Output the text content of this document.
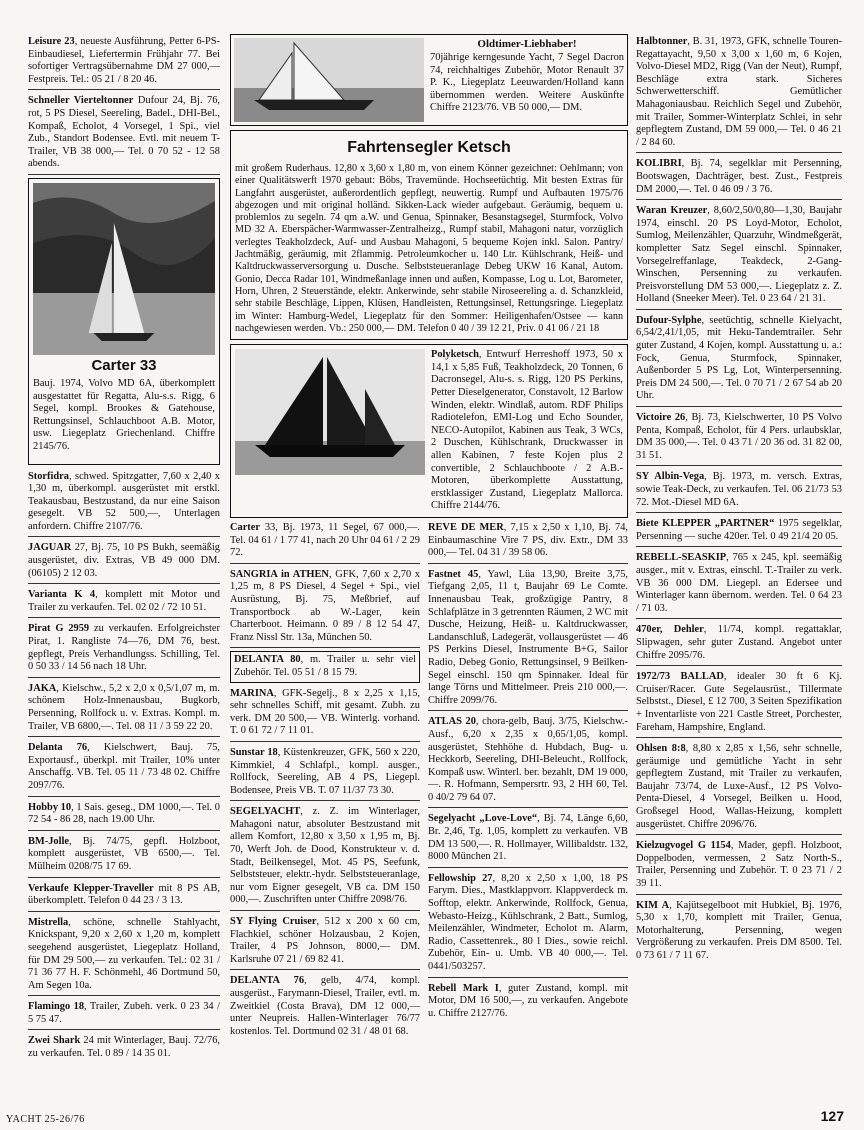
Leisure 23, neueste Ausführung, Petter 6-PS-Einbaudiesel, Liefertermin Frühjahr 77. Bei sofortiger Vertragsübernahme DM 27 000,— Festpreis. Tel.: 05 21 / 8 20 46.
Schneller Vierteltonner Dufour 24, Bj. 76, rot, 5 PS Diesel, Seereling, Badel., DHI-Bel., Kompaß, Echolot, 4 Vorsegel, 1 Spi., viel Zub., Standort Bodensee. Evtl. mit neuem T-Trailer, VB 38 000,— Tel. 0 70 52 - 12 58 abends.
Carter 33
Bauj. 1974, Volvo MD 6A, überkomplett ausgestattet für Regatta, Alu-s.s. Rigg, 6 Segel, kompl. Brookes & Gatehouse, Rettungsinsel, Schlauchboot A.B. Motor, usw. Liegeplatz Griechenland. Chiffre 2145/76.
Storfidra, schwed. Spitzgatter, 7,60 x 2,40 x 1,30 m, überkompl. ausgerüstet mit erstkl. Teakausbau, Bestzustand, da nur eine Saison gesegelt. VB 52 500,—, Unterlagen anfordern. Chiffre 2107/76.
JAGUAR 27, Bj. 75, 10 PS Bukh, seemäßig ausgerüstet, div. Extras, VB 49 000 DM. (06105) 2 12 03.
Varianta K 4, komplett mit Motor und Trailer zu verkaufen. Tel. 02 02 / 72 10 51.
Pirat G 2959 zu verkaufen. Erfolgreichster Pirat, 1. Rangliste 74—76, DM 76, best. gepflegt, Preis Verhandlungss. Schilling, Tel. 0 50 33 / 14 56 nach 18 Uhr.
JAKA, Kielschw., 5,2 x 2,0 x 0,5/1,07 m, m. schönem Holz-Innenausbau, Bugkorb, Persenning, Rollfock u. v. Extras. Kompl. m. Trailer, VB 6800,—. Tel. 08 11 / 3 59 22 20.
Delanta 76, Kielschwert, Bauj. 75, Exportausf., überkpl. mit Trailer, 10% unter Anschaffg. VB. Tel. 05 11 / 73 48 02. Chiffre 2097/76.
Hobby 10, 1 Sais. geseg., DM 1000,—. Tel. 0 72 54 - 86 28, nach 19.00 Uhr.
BM-Jolle, Bj. 74/75, gepfl. Holzboot, komplett ausgerüstet, VB 6500,—. Tel. Mülheim 0208/75 17 69.
Verkaufe Klepper-Traveller mit 8 PS AB, überkomplett. Telefon 0 44 23 / 3 13.
Mistrella, schöne, schnelle Stahlyacht, Knickspant, 9,20 x 2,60 x 1,20 m, komplett seegehend ausgerüstet, Liegeplatz Holland, für DM 29 500,— zu verkaufen. Tel.: 02 31 / 71 36 77 H. F. Schönmehl, 46 Dortmund 50, Am Segen 10a.
Flamingo 18, Trailer, Zubeh. verk. 0 23 34 / 5 75 47.
Zwei Shark 24 mit Winterlager, Bauj. 72/76, zu verkaufen. Tel. 0 89 / 14 35 01.
Oldtimer-Liebhaber!
70jährige kerngesunde Yacht, 7 Segel Dacron 74, reichhaltiges Zubehör, Motor Renault 37 P. K., Liegeplatz Leeuwarden/Holland kann übernommen werden. Weitere Auskünfte Chiffre 2123/76. VB 50 000,— DM.
Fahrtensegler Ketsch
mit großem Ruderhaus. 12,80 x 3,60 x 1,80 m, von einem Könner gezeichnet: Oehlmann; von einer Qualitätswerft 1970 gebaut: Böbs, Travemünde. Hochseetüchtig. Mit besten Extras für Langfahrt ausgerüstet, außerordentlich gepflegt, neuwertig. Rumpf und Aufbauten 1975/76 abgezogen und mit original holländ. Sikken-Lack wieder aufgebaut. Geräumig, bequem u. problemlos zu segeln. 74 qm a.W. und Genua, Spinnaker, Besanstagsegel, Sturmfock, Volvo MD 32 A. Eberspächer-Warmwasser-Zentralheizg., Rumpf stabil, Mahagoni natur, vorzüglich verlegtes Teakholzdeck, Auf- und Ausbau Mahagoni, 5 bequeme Kojen inkl. Salon. Pantry/ Jachtmäßig, geräumig, mit 2flammig. Petroleumkocher u. 140 Ltr. Kühlschrank, Heiß- und Kaltdruckwasserversorgung u. Dusche. Selbststeueranlage Debeg UKW 16 Kanal, Autom. Gonio, Decca Radar 101, Windmeßanlage innen und außen, Kompasse, Log u. Lot, Barometer, Horn, Uhren, 2 Steuerstände, elektr. Ankerwinde, sehr stabile Niroseereling a. d. Schanzkleid, sehr stabile Beschläge, Lippen, Klüsen, Handleisten, Rettungsinsel, Rettungsringe. Liegeplatz im Winter: Hamburg-Wedel, Liegeplatz für den Sommer: Heiligenhafen/Ostsee — kann nachgewiesen werden. Vb.: 250 000,— DM. Telefon 0 40 / 39 12 21, Priv. 0 41 06 / 21 18
Polyketsch, Entwurf Herreshoff 1973, 50 x 14,1 x 5,85 Fuß, Teakholzdeck, 20 Tonnen, 6 Dacronsegel, Alu-s. s. Rigg, 120 PS Perkins, Petter Dieselgenerator, Constavolt, 12 Barlow Winden, elektr. Windlaß, autom. RDF Philips Radiotelefon, EMI-Log und Echo Sounder, NECO-Autopilot, Kabinen aus Teak, 3 WCs, 2 Duschen, Kühlschrank, Druckwasser in allen Kabinen, 7 feste Kojen plus 2 convertible, 2 Schlauchboote / 2 A.B.-Motoren, überkomplette Ausstattung, erstklassiger Zustand, Liegeplatz Mallorca. Chiffre 2144/76.
Carter 33, Bj. 1973, 11 Segel, 67 000,—. Tel. 04 61 / 1 77 41, nach 20 Uhr 04 61 / 2 29 72.
SANGRIA in ATHEN, GFK, 7,60 x 2,70 x 1,25 m, 8 PS Diesel, 4 Segel + Spi., viel Ausrüstung, Bj. 75, Meßbrief, auf Transportbock ab W.-Lager, kein Charterboot. Heimann. 0 89 / 8 12 54 47, Franz Nissl Str. 13a, München 50.
DELANTA 80, m. Trailer u. sehr viel Zubehör. Tel. 05 51 / 8 15 79.
MARINA, GFK-Segelj., 8 x 2,25 x 1,15, sehr schnelles Schiff, mit gesamt. Zubh. zu verk. DM 20 500,— VB. Winterlg. vorhand. T. 0 61 72 / 7 11 01.
Sunstar 18, Küstenkreuzer, GFK, 560 x 220, Kimmkiel, 4 Schlafpl., kompl. ausger., Rollfock, Seereling, AB 4 PS, Liegepl. Bodensee, Preis VB. T. 07 11/37 73 30.
SEGELYACHT, z. Z. im Winterlager, Mahagoni natur, absoluter Bestzustand mit allem Komfort, 12,80 x 3,50 x 1,95 m, Bj. 70, Werft Joh. de Dood, Konstrukteur v. d. Stadt, Beilkensegel, Mot. 45 PS, Seefunk, Selbststeuer, elektr.-hydr. Selbststeueranlage, nur vom Eigner gesegelt, VB ca. DM 150 000,—. Zuschriften unter Chiffre 2098/76.
SY Flying Cruiser, 512 x 200 x 60 cm, Flachkiel, schöner Holzausbau, 2 Kojen, Trailer, 4 PS Johnson, 8000,— DM. Karlsruhe 07 21 / 69 82 41.
DELANTA 76, gelb, 4/74, kompl. ausgerüst., Farymann-Diesel, Trailer, evtl. m. Zweitkiel (Costa Brava), DM 12 000,— unter Neupreis. Hallen-Winterlager 76/77 kostenlos. Tel. Dortmund 02 31 / 48 01 68.
REVE DE MER, 7,15 x 2,50 x 1,10, Bj. 74, Einbaumaschine Vire 7 PS, div. Extr., DM 33 000,— Tel. 04 31 / 39 58 06.
Fastnet 45, Yawl, Lüa 13,90, Breite 3,75, Tiefgang 2,05, 11 t, Baujahr 69 Le Comte. Innenausbau Teak, großzügige Pantry, 8 Schlafplätze in 3 getrennten Räumen, 2 WC mit Dusche, Heizung, Heiß- u. Kaltdruckwasser, Landanschluß, Ladegerät, vollausgerüstet — 46 PS Perkins Diesel, Instrumente B+G, Sailor Radio, Debeg Gonio, Rettungsinsel, 9 Beilken-Segel einschl. 150 qm Spinnaker. Ideal für lange Törns und Mittelmeer. Preis 210 000,—. Chiffre 2099/76.
ATLAS 20, chora-gelb, Bauj. 3/75, Kielschw.-Ausf., 6,20 x 2,35 x 0,65/1,05, kompl. ausgerüstet, Stehhöhe d. Hubdach, Bug- u. Heckkorb, Seereling, DHI-Beleucht., Rollfock, Kompaß usw. Winterl. ber. bezahlt, DM 19 000,—. R. Hofmann, Sempersrtr. 93, 2 HH 60, Tel. 0 40/2 79 64 07.
Segelyacht „Love-Love“, Bj. 74, Länge 6,60, Br. 2,46, Tg. 1,05, komplett zu verkaufen. VB DM 13 500,—. R. Hollmayer, Willibaldstr. 132, 8000 München 21.
Fellowship 27, 8,20 x 2,50 x 1,00, 18 PS Farym. Dies., Mastklappvorr. Klappverdeck m. Sofftop, elektr. Ankerwinde, Rollfock, Genua, Webasto-Heizg., Kühlschrank, 2 Batt., Sumlog, Meilenzähler, Windmeter, Echolot m. Alarm, Radio, Cassettenrek., 80 l Dies., sowie reichl. Zubehör, Ein- u. Umb. VB 40 000,—. Tel. 0441/503257.
Rebell Mark I, guter Zustand, kompl. mit Motor, DM 16 500,—, zu verkaufen. Angebote u. Chiffre 2127/76.
Halbtonner, B. 31, 1973, GFK, schnelle Touren-Regattayacht, 9,50 x 3,00 x 1,60 m, 6 Kojen, Volvo-Diesel MD2, Rigg (Van der Neut), Rumpf, Beschläge extra stark. Sicheres Schwerwetterschiff. Gemütlicher Mahagoniausbau. Reichlich Segel und Zubehör, mit Trailer, Sommer-Winterplatz Schlei, in sehr gepflegtem Zustand, DM 59 000,— Tel. 0 46 21 / 2 84 60.
KOLIBRI, Bj. 74, segelklar mit Persenning, Bootswagen, Dachträger, best. Zust., Festpreis DM 2000,—. Tel. 0 46 09 / 3 76.
Waran Kreuzer, 8,60/2,50/0,80—1,30, Baujahr 1974, einschl. 20 PS Loyd-Motor, Echolot, Sumlog, Meilenzähler, Quarzuhr, Windmeßgerät, kompletter Satz Segel einschl. Spinnaker, Vorsegelreffanlage, Teakdeck, 2-Gang-Winschen, Persenning zu verkaufen. Preisvorstellung DM 53 000,—. Liegeplatz z. Z. Holland (Sneeker Meer). Tel. 0 23 64 / 21 31.
Dufour-Sylphe, seetüchtig, schnelle Kielyacht, 6,54/2,41/1,05, mit Heku-Tandemtrailer. Sehr guter Zustand, 4 Kojen, kompl. Ausstattung u. a.: Fock, Genua, Sturmfock, Spinnaker, Außenborder 5 PS Lg, Lot, Winterpersenning. Preis DM 24 500,—. Tel. 0 70 71 / 2 67 54 ab 20 Uhr.
Victoire 26, Bj. 73, Kielschwerter, 10 PS Volvo Penta, Kompaß, Echolot, für 4 Pers. urlaubsklar, DM 35 000,—. Tel. 0 43 71 / 20 36 od. 31 82 00, 31 51.
SY Albin-Vega, Bj. 1973, m. versch. Extras, sowie Teak-Deck, zu verkaufen. Tel. 06 21/73 53 72. Mot.-Diesel MD 6A.
Biete KLEPPER „PARTNER“ 1975 segelklar, Persenning — suche 420er. Tel. 0 49 21/4 20 05.
REBELL-SEASKIP, 765 x 245, kpl. seemäßig ausger., mit v. Extras, einschl. T.-Trailer zu verk. VB 36 000 DM. Liegepl. an Edersee und Winterlager kann übernom. werden. Tel. 0 64 23 / 71 03.
470er, Dehler, 11/74, kompl. regattaklar, Slipwagen, sehr guter Zustand. Angebot unter Chiffre 2095/76.
1972/73 BALLAD, idealer 30 ft 6 Kj. Cruiser/Racer. Gute Segelausrüst., Tillermate Selbstst., Diesel, £ 12 700, 3 Seiten Spezifikation + Inventarliste von 221 Castle Street, Porchester, Fareham, Hampshire, England.
Ohlsen 8:8, 8,80 x 2,85 x 1,56, sehr schnelle, geräumige und gemütliche Yacht in sehr gepflegtem Zustand, mit Trailer zu verkaufen, Baujahr 73/74, de Luxe-Ausf., 12 PS Volvo-Penta-Diesel, 4 Vorsegel, Beilken u. Hood, Großsegel Hood, Wallas-Heizung, komplett ausgerüstet. Chiffre 2096/76.
Kielzugvogel G 1154, Mader, gepfl. Holzboot, Doppelboden, vermessen, 2 Satz North-S., Trailer, Persenning und Zubehör. T. 0 23 71 / 2 39 11.
KIM A, Kajütsegelboot mit Hubkiel, Bj. 1976, 5,30 x 1,70, komplett mit Trailer, Genua, Motorhalterung, Persenning, wegen Vergrößerung zu verkaufen. Preis DM 8500. Tel. 0 73 61 / 7 11 67.
YACHT 25-26/76	127
